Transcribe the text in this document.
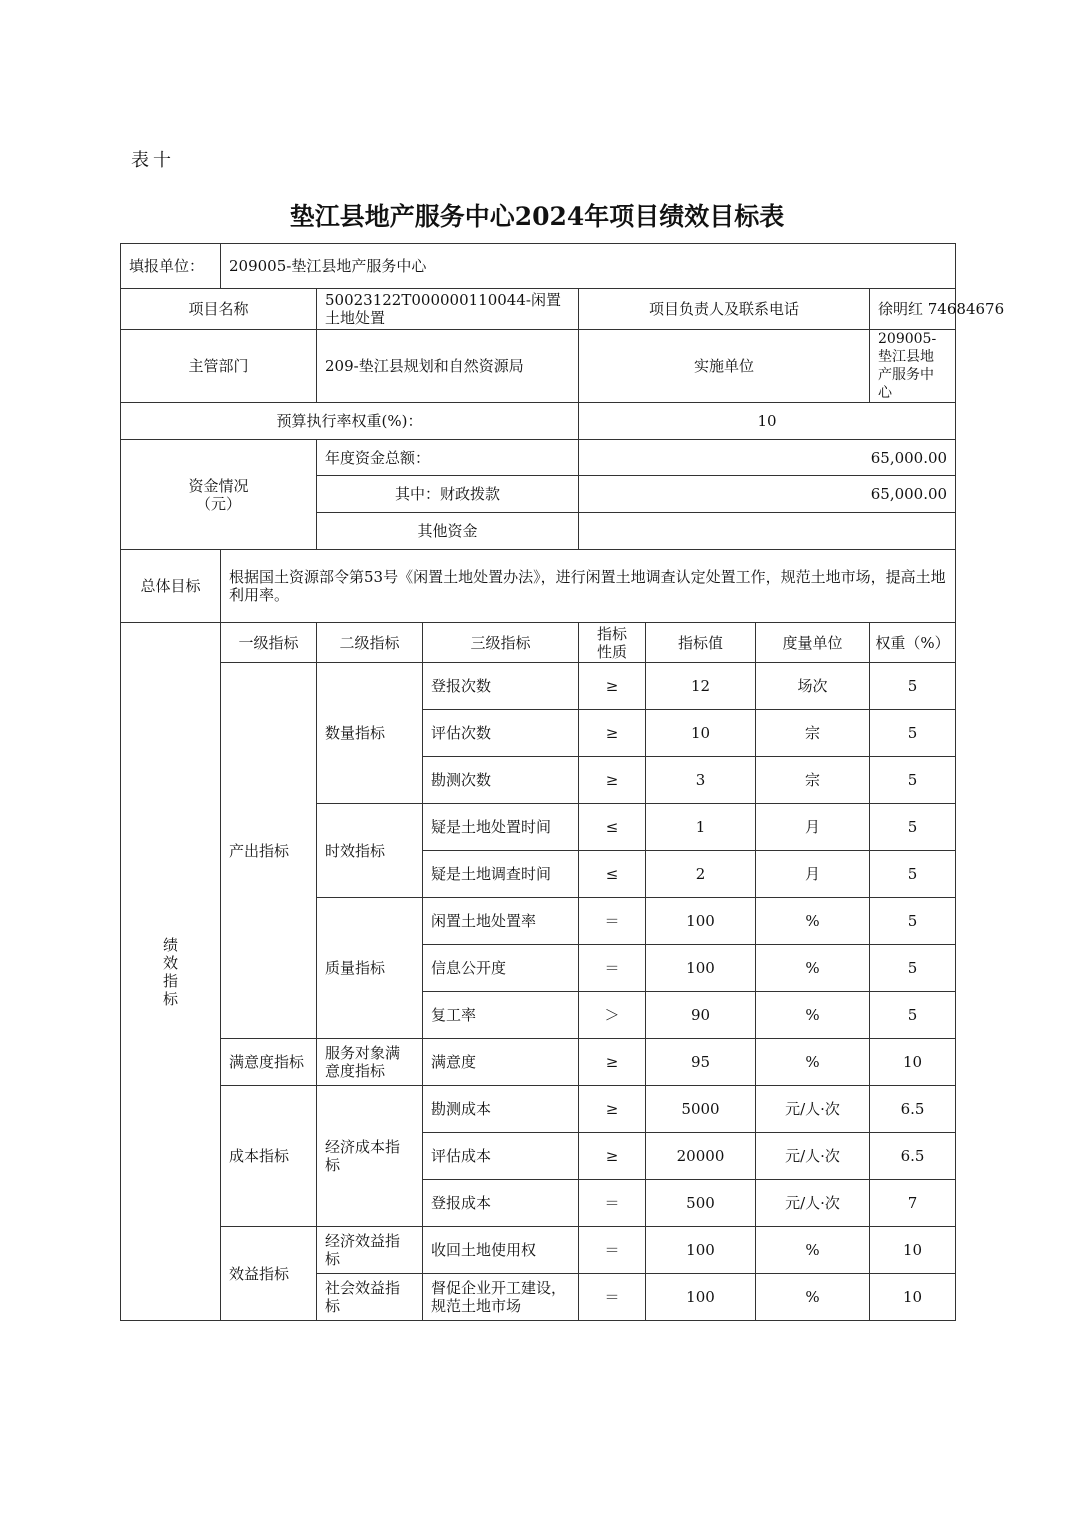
表十
垫江县地产服务中心2024年项目绩效目标表
填报单位：	209005-垫江县地产服务中心						
项目名称		50023122T000000110044-闲置土地处置		项目负责人及联系电话			徐明红 74684676
主管部门		209-垫江县规划和自然资源局		实施单位			209005-垫江县地产服务中心
预算执行率权重(%)：				10			

资金情况
（元）		年度资金总额：		65,000.00			
		其中：财政拨款		65,000.00			
		其他资金					
总体目标	根据国土资源部令第53号《闲置土地处置办法》，进行闲置土地调查认定处置工作，规范土地市场，提高土地利用率。						

绩
效
指
标	一级指标	二级指标	三级指标	指标性质	指标值	度量单位	权重（%）
	产出指标	数量指标	登报次数	≥	12	场次	5
			评估次数	≥	10	宗	5
			勘测次数	≥	3	宗	5
		时效指标	疑是土地处置时间	≤	1	月	5
			疑是土地调查时间	≤	2	月	5
		质量指标	闲置土地处置率	＝	100	%	5
			信息公开度	＝	100	%	5
			复工率	＞	90	%	5
	满意度指标	服务对象满意度指标	满意度	≥	95	%	10
	成本指标	经济成本指标	勘测成本	≥	5000	元/人·次	6.5
			评估成本	≥	20000	元/人·次	6.5
			登报成本	＝	500	元/人·次	7
	效益指标	经济效益指标	收回土地使用权	＝	100	%	10
		社会效益指标	督促企业开工建设，规范土地市场	＝	100	%	10
